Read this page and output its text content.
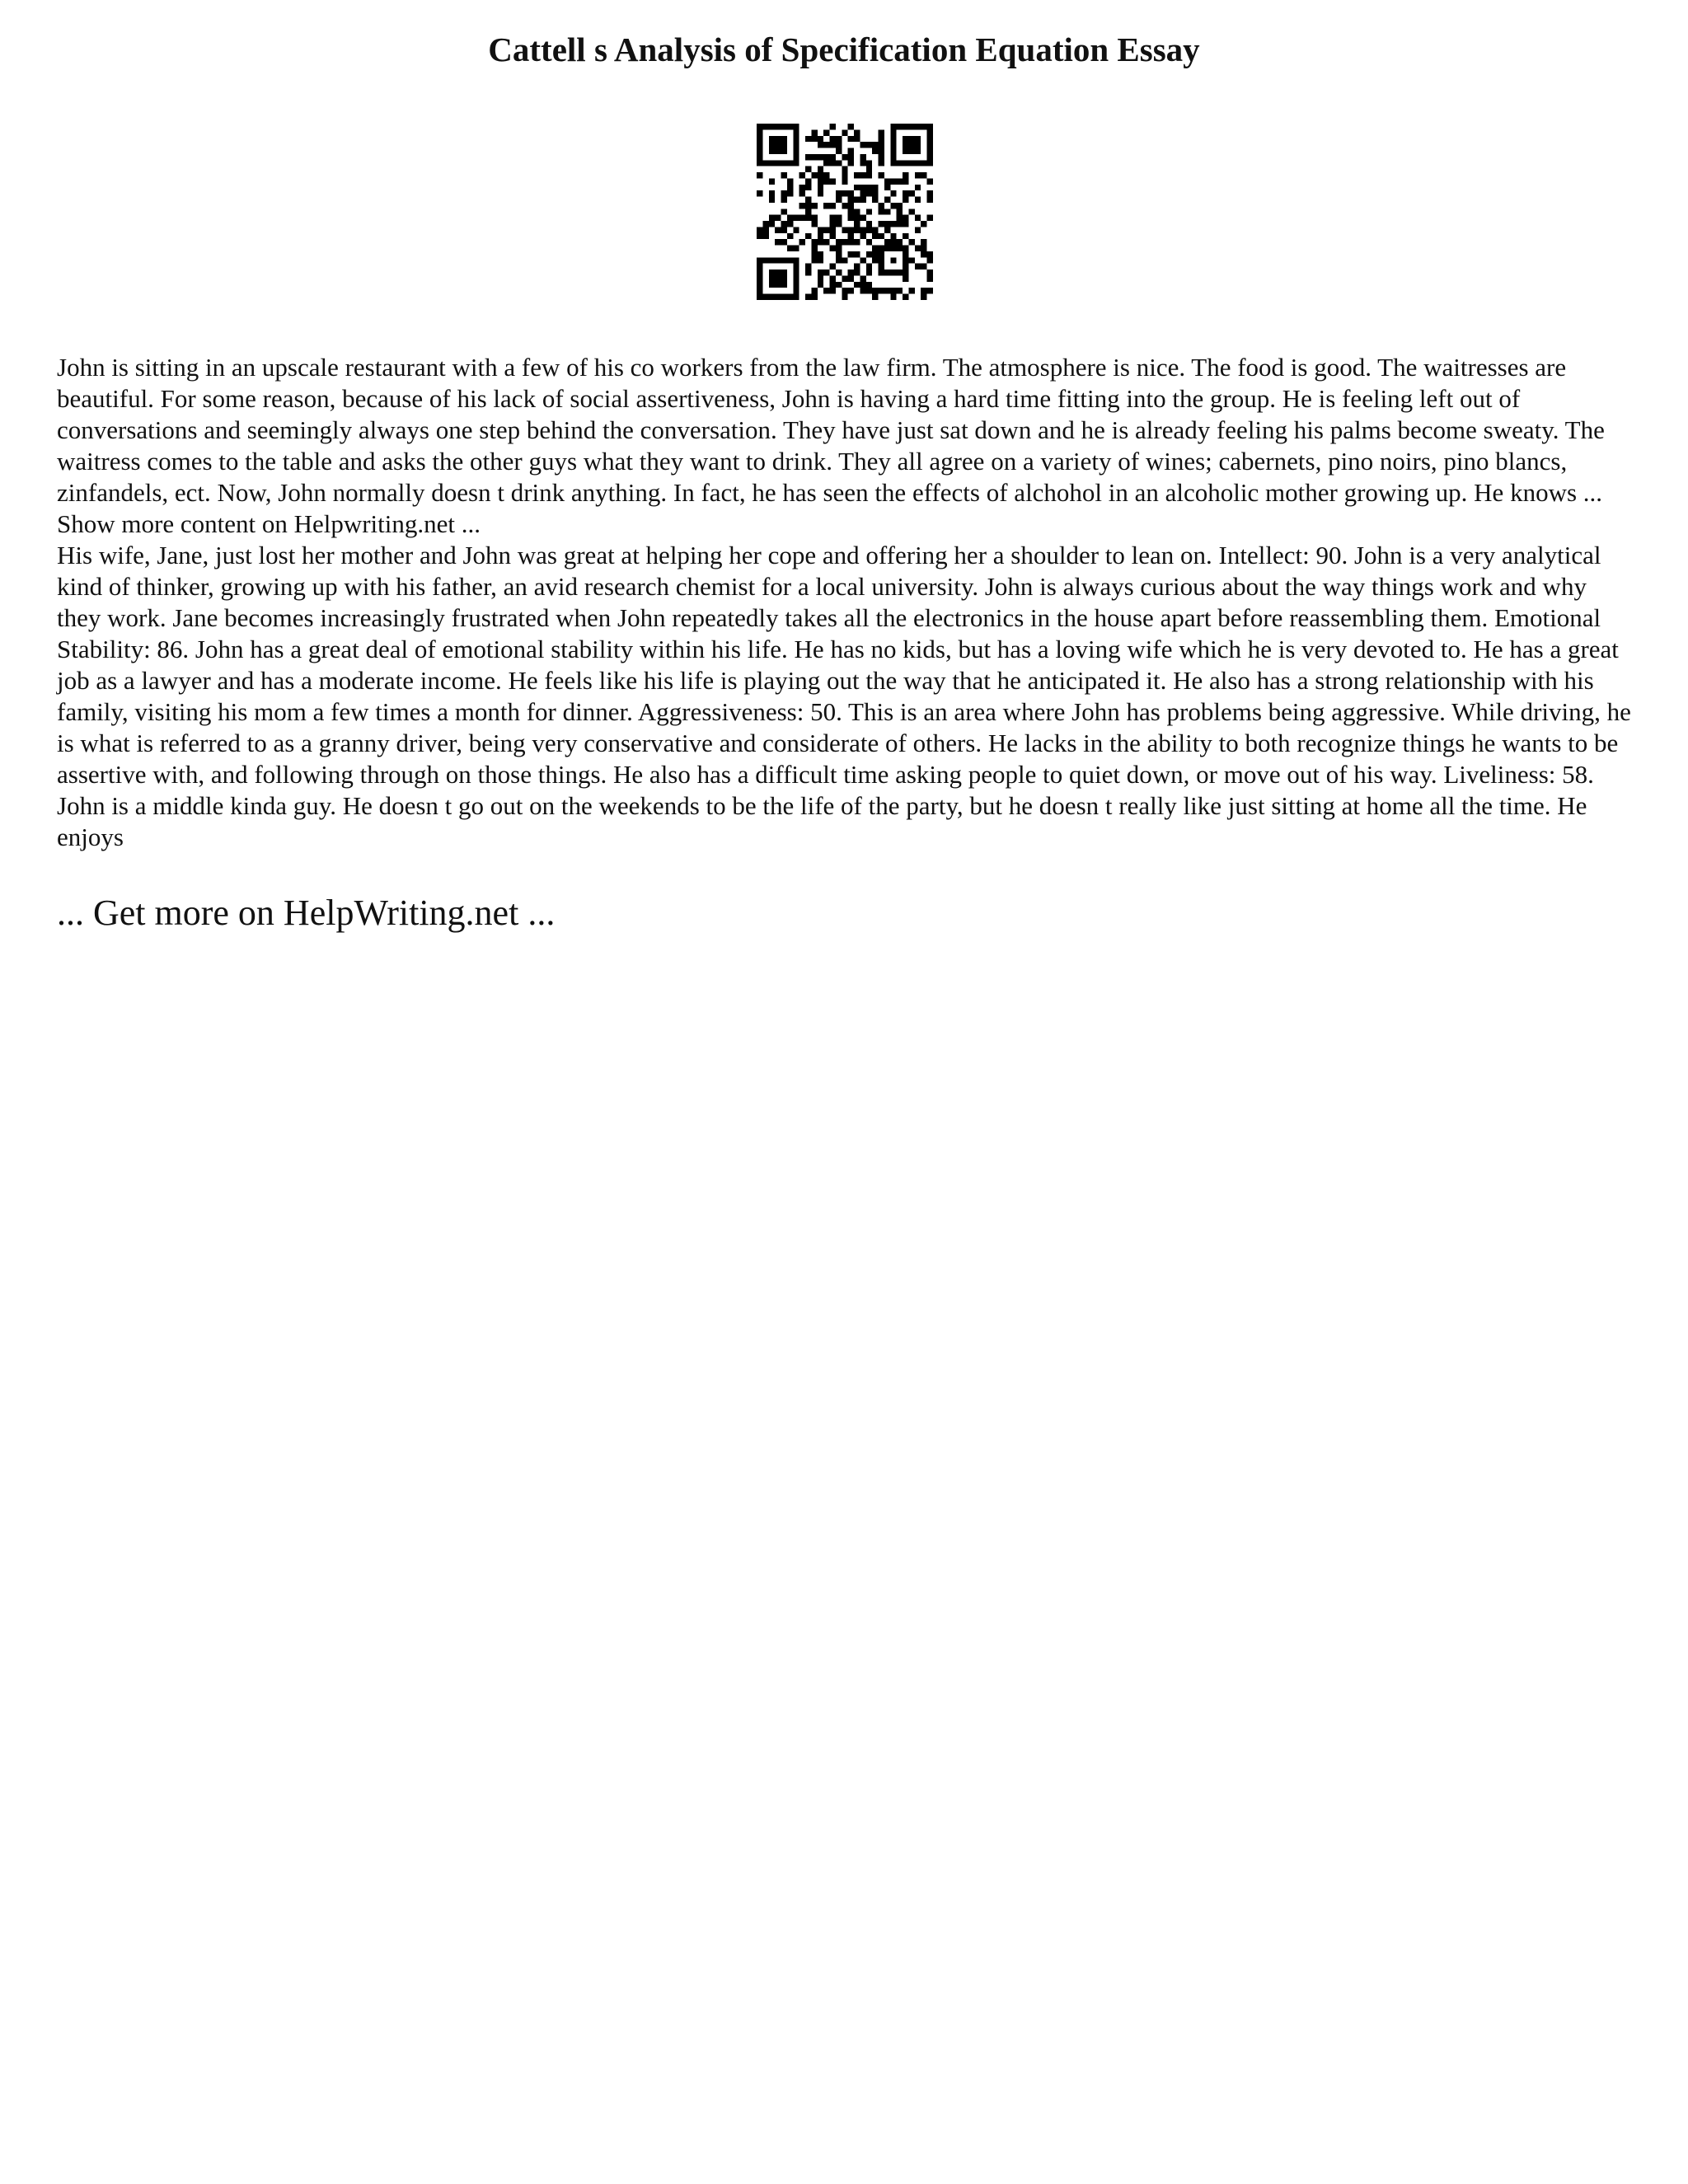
Cattell s Analysis of Specification Equation Essay

John is sitting in an upscale restaurant with a few of his co workers from the law firm. The atmosphere is nice. The food is good. The waitresses are beautiful. For some reason, because of his lack of social assertiveness, John is having a hard time fitting into the group. He is feeling left out of conversations and seemingly always one step behind the conversation. They have just sat down and he is already feeling his palms become sweaty. The waitress comes to the table and asks the other guys what they want to drink. They all agree on a variety of wines; cabernets, pino noirs, pino blancs, zinfandels, ect. Now, John normally doesn t drink anything. In fact, he has seen the effects of alchohol in an alcoholic mother growing up. He knows ... Show more content on Helpwriting.net ...

His wife, Jane, just lost her mother and John was great at helping her cope and offering her a shoulder to lean on. Intellect: 90. John is a very analytical kind of thinker, growing up with his father, an avid research chemist for a local university. John is always curious about the way things work and why they work. Jane becomes increasingly frustrated when John repeatedly takes all the electronics in the house apart before reassembling them. Emotional Stability: 86. John has a great deal of emotional stability within his life. He has no kids, but has a loving wife which he is very devoted to. He has a great job as a lawyer and has a moderate income. He feels like his life is playing out the way that he anticipated it. He also has a strong relationship with his family, visiting his mom a few times a month for dinner. Aggressiveness: 50. This is an area where John has problems being aggressive. While driving, he is what is referred to as a granny driver, being very conservative and considerate of others. He lacks in the ability to both recognize things he wants to be assertive with, and following through on those things. He also has a difficult time asking people to quiet down, or move out of his way. Liveliness: 58. John is a middle kinda guy. He doesn t go out on the weekends to be the life of the party, but he doesn t really like just sitting at home all the time. He enjoys

... Get more on HelpWriting.net ...
